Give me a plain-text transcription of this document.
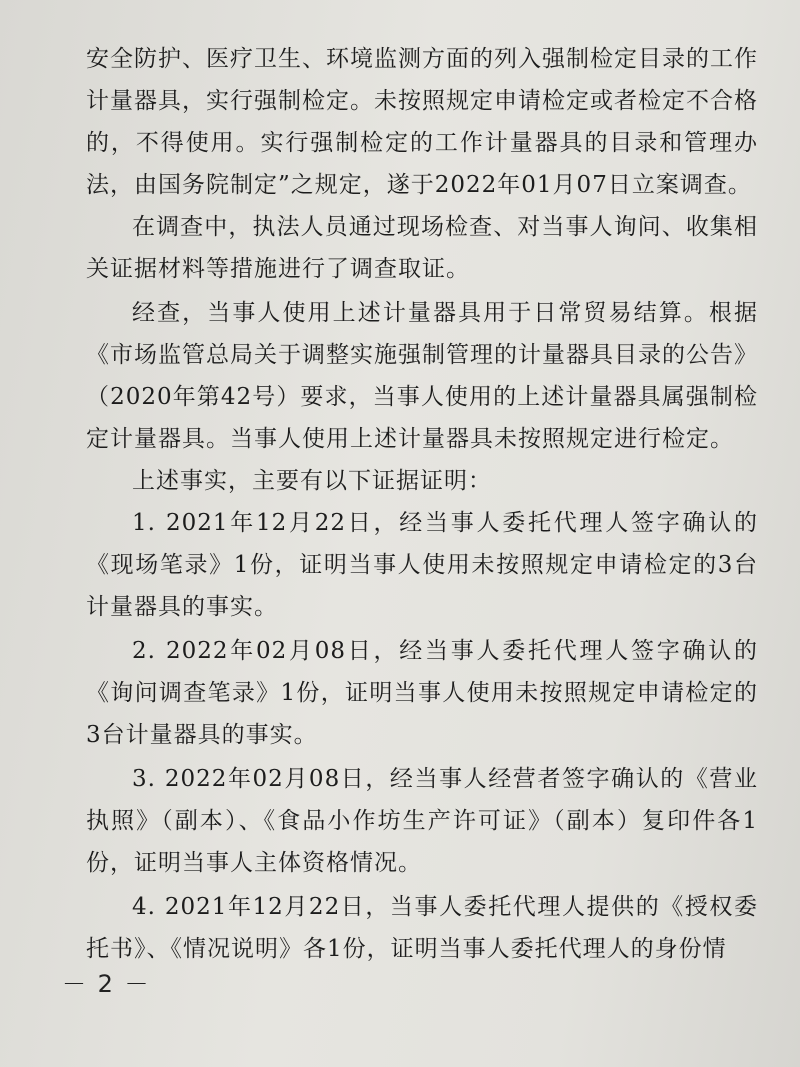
安全防护、医疗卫生、环境监测方面的列入强制检定目录的工作计量器具，实行强制检定。未按照规定申请检定或者检定不合格的，不得使用。实行强制检定的工作计量器具的目录和管理办法，由国务院制定”之规定，遂于2022年01月07日立案调查。

在调查中，执法人员通过现场检查、对当事人询问、收集相关证据材料等措施进行了调查取证。

经查，当事人使用上述计量器具用于日常贸易结算。根据《市场监管总局关于调整实施强制管理的计量器具目录的公告》（2020年第42号）要求，当事人使用的上述计量器具属强制检定计量器具。当事人使用上述计量器具未按照规定进行检定。

上述事实，主要有以下证据证明：

1. 2021年12月22日，经当事人委托代理人签字确认的《现场笔录》1份，证明当事人使用未按照规定申请检定的3台计量器具的事实。

2. 2022年02月08日，经当事人委托代理人签字确认的《询问调查笔录》1份，证明当事人使用未按照规定申请检定的3台计量器具的事实。

3. 2022年02月08日，经当事人经营者签字确认的《营业执照》（副本）、《食品小作坊生产许可证》（副本）复印件各1份，证明当事人主体资格情况。

4. 2021年12月22日，当事人委托代理人提供的《授权委托书》、《情况说明》各1份，证明当事人委托代理人的身份情

－ 2 －
